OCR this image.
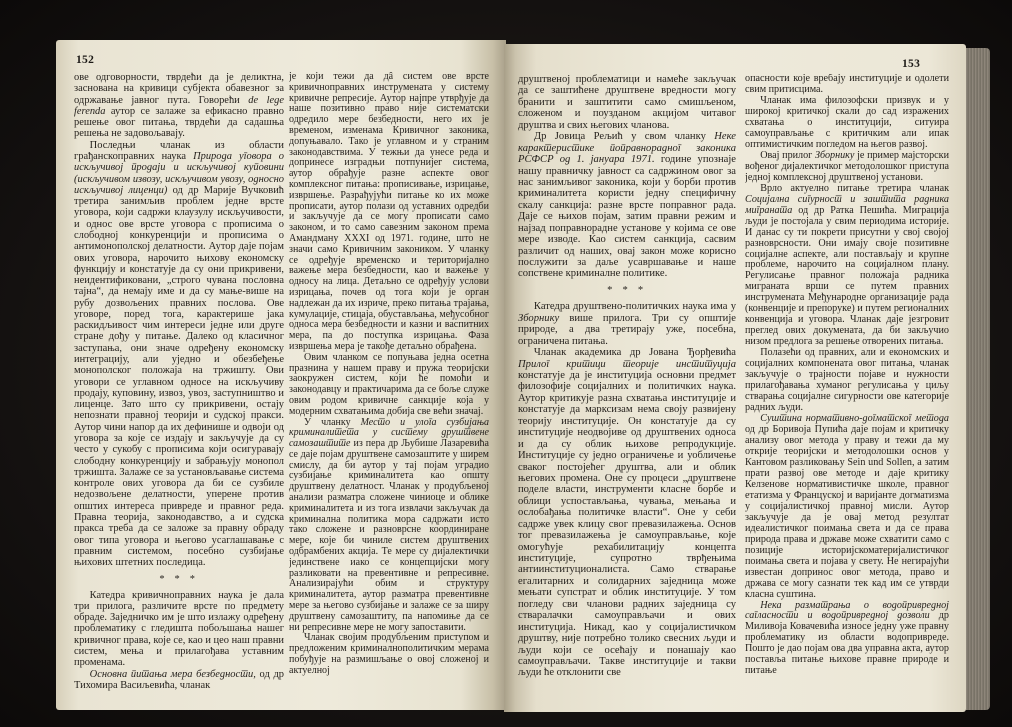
152

ове одговорности, тврдећи да је деликтна, заснована на кривици субјекта обавезног за одржавање јавног пута. Говорећи de lege ferenda аутор се залаже за ефикасно правно решење овог питања, тврдећи да садашња решења не задовољавају.

Последњи чланак из области грађанскоправних наука Природа уговора о искључивој продаји и искључивој куповини (искључивом извозу, искључивом увозу, односно искључивој лиценци) од др Марије Вучковић третира занимљив проблем једне врсте уговора, који садржи клаузулу искључивости, и однос ове врсте уговора с прописима о слободној конкуренцији и прописима о антимонополској делатности. Аутор даје појам ових уговора, нарочито њихову економску функцију и констатује да су они прикривени, неидентификовани, „строго чувана пословна тајна“, да немају име и да су мање-више на рубу дозвољених правних послова. Ове уговоре, поред тога, карактерише јака раскидљивост чим интереси једне или друге стране дођу у питање. Далеко од класичног заступања, они значе одређену економску интеграцију, али уједно и обезбеђење монополског положаја на тржишту. Ови уговори се углавном односе на искључиву продају, куповину, извоз, увоз, заступништво и лиценце. Зато што су прикривени, остају непознати правној теорији и судској пракси. Аутор чини напор да их дефинише и одвоји од уговора за које се издају и закључује да су често у сукобу с прописима који осигуравају слободну конкуренцију и забрањују монопол тржишта. Залаже се за установљавање система контроле ових уговора да би се сузбиле недозвољене делатности, уперене против општих интереса привреде и правног реда. Правна теорија, законодавство, а и судска пракса треба да се заложе за правну обраду овог типа уговора и његово усаглашавање с правним системом, посебно сузбијање њихових штетних последица.

* * *

Катедра кривичноправних наука је дала три прилога, различите врсте по предмету обраде. Заједничко им је што излажу одређену проблематику с гледишта побољшања нашег кривичног права, које се, као и цео наш правни систем, мења и прилагођава уставним променама.

Основна питања мера безбедности, од др Тихомира Васиљевића, чланак

је који тежи да дâ систем ове врсте кривичноправних инструмената у систему кривичне репресије. Аутор најпре утврђује да наше позитивно право није систематски одредило мере безбедности, него их је временом, изменама Кривичног законика, допуњавало. Тако је углавном и у страним законодавствима. У тежњи да унесе реда и допринесе изградњи потпунијег система, аутор обрађује разне аспекте овог комплексног питања: прописивање, изрицање, извршење. Разрађујући питање ко их може прописати, аутор полази од уставних одредби и закључује да се могу прописати само законом, и то само савезним законом према Амандману XXXI од 1971. године, што не значи само Кривичним закоником. У чланку се одређује временско и територијално важење мера безбедности, као и важење у односу на лица. Детаљно се одређују услови изрицања, почев од тога који је орган надлежан да их изриче, преко питања трајања, кумулације, стицаја, обустављања, међусобног односа мера безбедности и казни и васпитних мера, па до поступка изрицања. Фаза извршења мера је такође детаљно обрађена.

Овим чланком се попуњава једна осетна празнина у нашем праву и пружа теоријски заокружен систем, који ће помоћи и законодавцу и практичарима да се боље служе овим родом кривичне санкције која у модерним схватањима добија све већи значај.

У чланку Место и улога сузбијања криминалитета у систему друштвене самозаштите из пера др Љубише Лазаревића се даје појам друштвене самозаштите у ширем смислу, да би аутор у тај појам уградио сузбијање криминалитета као општу друштвену делатност. Чланак у продубљеној анализи разматра сложене чиниоце и облике криминалитета и из тога извлачи закључак да криминална политика мора садржати исто тако сложене и разноврсне координиране мере, које би чиниле систем друштвених одбрамбених акција. Те мере су дијалектички јединствене иако се концепцијски могу разликовати на превентивне и репресивне. Анализирајући обим и структуру криминалитета, аутор разматра превентивне мере за његово сузбијање и залаже се за ширу друштвену самозаштиту, па напомиње да се ни репресивне мере не могу запоставити.

Чланак својим продубљеним приступом и предложеним криминалнополитичким мерама побуђује на размишљање о овој сложеној и актуелној

153

друштвеној проблематици и намеће закључак да се заштићене друштвене вредности могу бранити и заштитити само смишљеном, сложеном и поузданом акцијом читавог друштва и свих његових чланова.

Др Јовица Рељић у свом чланку Неке карактеристике поправнорадног законика РСФСР од 1. јануара 1971. године упознаје нашу правничку јавност са садржином овог за нас занимљивог законика, који у борби против криминалитета користи једну специфичну скалу санкција: разне врсте поправног рада. Даје се њихов појам, затим правни режим и најзад поправнорадне установе у којима се ове мере изводе. Као систем санкција, сасвим различит од наших, овај закон може корисно послужити за даље усавршавање и наше сопствене криминалне политике.

* * *

Катедра друштвено-политичких наука има у Зборнику више прилога. Три су општије природе, а два третирају уже, посебна, ограничена питања.

Чланак академика др Јована Ђорђевића Прилог критици теорије институција констатује да је институција основни предмет филозофије социјалних и политичких наука. Аутор критикује разна схватања институције и констатује да марксизам нема своју развијену теорију институције. Он констатује да су институције неодвојиве од друштвених односа и да су облик њихове репродукције. Институције су једно ограничење и уобличење сваког постојећег друштва, али и облик његових промена. Оне су процеси „друштвене поделе власти, инструменти класне борбе и облици успостављања, чувања, мењања и ослобађања политичке власти“. Оне у себи садрже увек клицу свог превазилажења. Основ тог превазилажења је самоуправљање, које омогућује рехабилитацију концепта институције, супротно тврђењима антиинституционалиста. Само стварање егалитарних и солидарних заједница може мењати супстрат и облик институције. У том погледу сви чланови радних заједница су стваралачки самоуправљачи и ових институција. Никад, као у социјалистичком друштву, није потребно толико свесних људи и људи који се осећају и понашају као самоуправљачи. Такве институције и такви људи ће отклонити све

опасности које вребају институције и одолети свим притисцима.

Чланак има филозофски призвук и у широкој критичкој скали до сад изражених схватања о институцији, ситуира самоуправљање с критичким али ипак оптимистичким погледом на његов развој.

Овај прилог Зборнику је пример мајсторски вођеног дијалектичког методолошког приступа једној комплексној друштвеној установи.

Врло актуелно питање третира чланак Социјална сигурност и заштита радника миграната од др Ратка Пешића. Миграција људи је постојала у свим периодима историје. И данас су ти покрети присутни у свој својој разноврсности. Они имају своје позитивне социјалне аспекте, али постављају и крупне проблеме, нарочито на социјалном плану. Регулисање правног положаја радника миграната врши се путем правних инструмената Међународне организације рада (конвенције и препоруке) и путем регионалних конвенција и уговора. Чланак даје језгровит преглед ових докумената, да би закључио низом предлога за решење отворених питања.

Полазећи од правних, али и економских и социјалних компонената овог питања, чланак закључује о трајности појаве и нужности прилагођавања хуманог регулисања у циљу стварања социјалне сигурности ове категорије радних људи.

Суштина нормативно-догматског метода од др Боривоја Пупића даје појам и критичку анализу овог метода у праву и тежи да му открије теоријски и методолошки основ у Кантовом разликовању Sein und Sollen, а затим прати развој ове методе и даје критику Келзенове нормативистичке школе, правног етатизма у Француској и варијанте догматизма у социјалистичкој правној мисли. Аутор закључује да је овај метод резултат идеалистичког поимања света и да се права природа права и државе може схватити само с позиције историјскоматеријалистичког поимања света и појава у свету. Не негирајући известан допринос овог метода, право и држава се могу сазнати тек кад им се утврди класна суштина.

Нека разматрања о водопривредној сагласности и водопривредној дозволи др Миливоја Ковачевића износе једну уже правну проблематику из области водопривреде. Пошто је дао појам ова два управна акта, аутор поставља питање њихове правне природе и питање
